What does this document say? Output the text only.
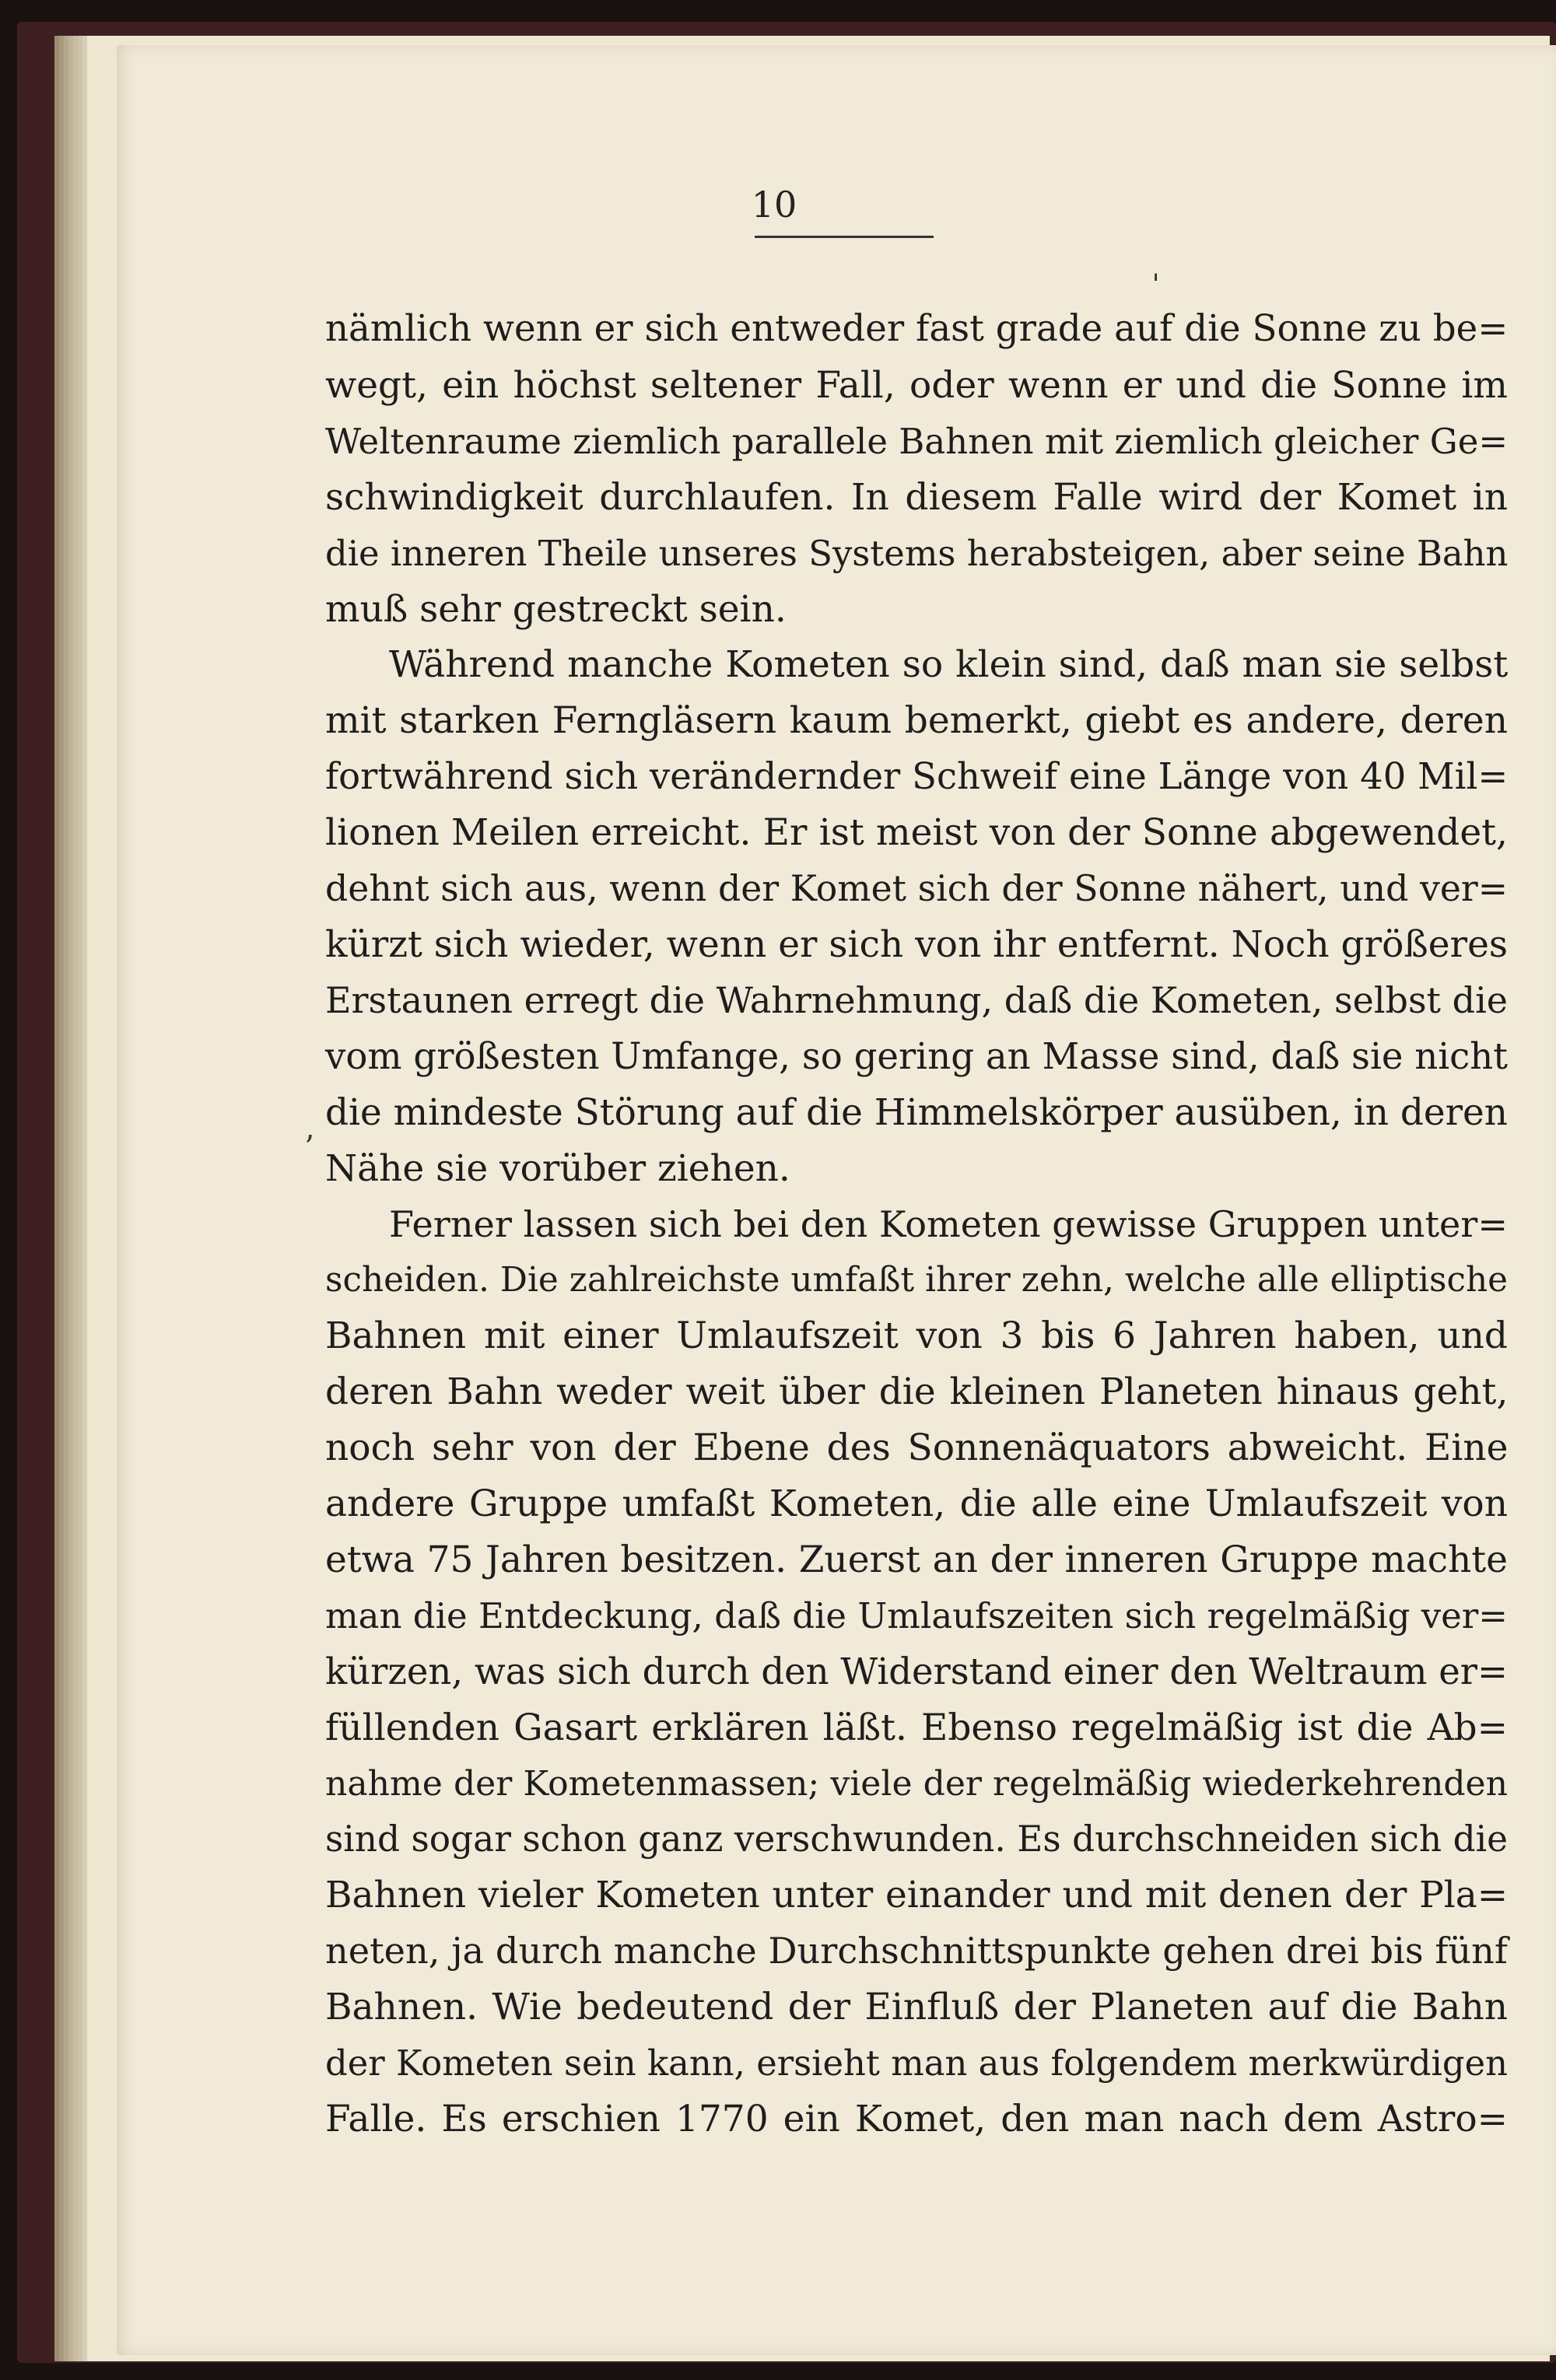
10
nämlich wenn er sich entweder fast grade auf die Sonne zu be=
wegt, ein höchst seltener Fall, oder wenn er und die Sonne im
Weltenraume ziemlich parallele Bahnen mit ziemlich gleicher Ge=
schwindigkeit durchlaufen. In diesem Falle wird der Komet in
die inneren Theile unseres Systems herabsteigen, aber seine Bahn
muß sehr gestreckt sein.
Während manche Kometen so klein sind, daß man sie selbst
mit starken Ferngläsern kaum bemerkt, giebt es andere, deren
fortwährend sich verändernder Schweif eine Länge von 40 Mil=
lionen Meilen erreicht. Er ist meist von der Sonne abgewendet,
dehnt sich aus, wenn der Komet sich der Sonne nähert, und ver=
kürzt sich wieder, wenn er sich von ihr entfernt. Noch größeres
Erstaunen erregt die Wahrnehmung, daß die Kometen, selbst die
vom größesten Umfange, so gering an Masse sind, daß sie nicht
die mindeste Störung auf die Himmelskörper ausüben, in deren
Nähe sie vorüber ziehen.
Ferner lassen sich bei den Kometen gewisse Gruppen unter=
scheiden. Die zahlreichste umfaßt ihrer zehn, welche alle elliptische
Bahnen mit einer Umlaufszeit von 3 bis 6 Jahren haben, und
deren Bahn weder weit über die kleinen Planeten hinaus geht,
noch sehr von der Ebene des Sonnenäquators abweicht. Eine
andere Gruppe umfaßt Kometen, die alle eine Umlaufszeit von
etwa 75 Jahren besitzen. Zuerst an der inneren Gruppe machte
man die Entdeckung, daß die Umlaufszeiten sich regelmäßig ver=
kürzen, was sich durch den Widerstand einer den Weltraum er=
füllenden Gasart erklären läßt. Ebenso regelmäßig ist die Ab=
nahme der Kometenmassen; viele der regelmäßig wiederkehrenden
sind sogar schon ganz verschwunden. Es durchschneiden sich die
Bahnen vieler Kometen unter einander und mit denen der Pla=
neten, ja durch manche Durchschnittspunkte gehen drei bis fünf
Bahnen. Wie bedeutend der Einfluß der Planeten auf die Bahn
der Kometen sein kann, ersieht man aus folgendem merkwürdigen
Falle. Es erschien 1770 ein Komet, den man nach dem Astro=
ˌ
ʼ
